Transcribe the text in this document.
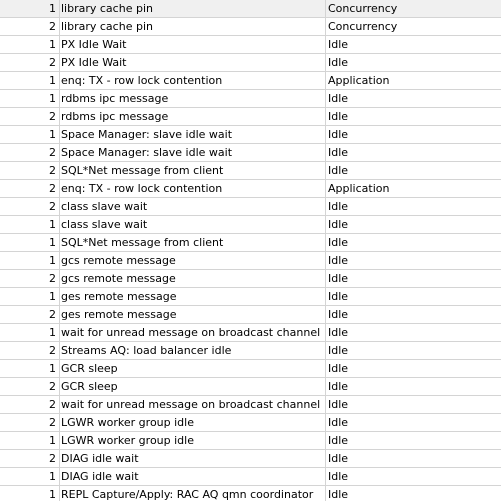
1 library cache pin	Concurrency
2 library cache pin	Concurrency
1 PX Idle Wait	Idle
2 PX Idle Wait	Idle
1 enq: TX - row lock contention	Application
1 rdbms ipc message	Idle
2 rdbms ipc message	Idle
1 Space Manager: slave idle wait	Idle
2 Space Manager: slave idle wait	Idle
2 SQL*Net message from client	Idle
2 enq: TX - row lock contention	Application
2 class slave wait	Idle
1 class slave wait	Idle
1 SQL*Net message from client	Idle
1 gcs remote message	Idle
2 gcs remote message	Idle
1 ges remote message	Idle
2 ges remote message	Idle
1 wait for unread message on broadcast channel Idle
2 Streams AQ: load balancer idle	Idle
1 GCR sleep	Idle
2 GCR sleep	Idle
2 wait for unread message on broadcast channel Idle
2 LGWR worker group idle	Idle
1 LGWR worker group idle	Idle
2 DIAG idle wait	Idle
1 DIAG idle wait	Idle
1 REPL Capture/Apply: RAC AQ qmn coordinator	Idle
